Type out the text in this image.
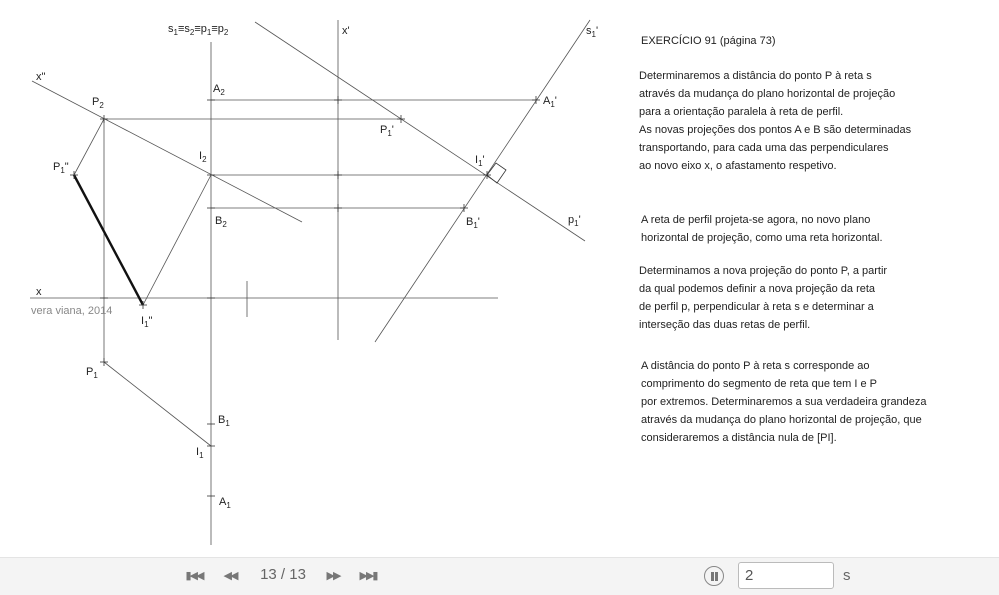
$s_1\equiv s_2\equiv p_1\equiv p_2$	x'
x"
$s_1'$
x
$A_2$
$P_2$
$I_2$
$P_1$"
$B_2$
$I_1$"
$A_1'$
$P_1'$
$I_1'$
$B_1'$	$p_1'$
$P_1$
$B_1$
$I_1$
$A_1$
vera viana, 2014
EXERCÍCIO 91 (página 73)

Determinaremos a distância do ponto P à reta s

através da mudança do plano horizontal de projeção

para a orientação paralela à reta de perfil.

As novas projeções dos pontos A e B são determinadas

transportando, para cada uma das perpendiculares

ao novo eixo x, o afastamento respetivo.

A reta de perfil projeta-se agora, no novo plano

horizontal de projeção, como uma reta horizontal.

Determinamos a nova projeção do ponto P, a partir

da qual podemos definir a nova projeção da reta

de perfil p, perpendicular à reta s e determinar a

interseção das duas retas de perfil.

A distância do ponto P à reta s corresponde ao

comprimento do segmento de reta que tem I e P

por extremos. Determinaremos a sua verdadeira grandeza

através da mudança do plano horizontal de projeção, que

consideraremos a distância nula de [PI].

▮◀◀	◀◀	13 / 13	▶▶	▶▶▮
2	s
